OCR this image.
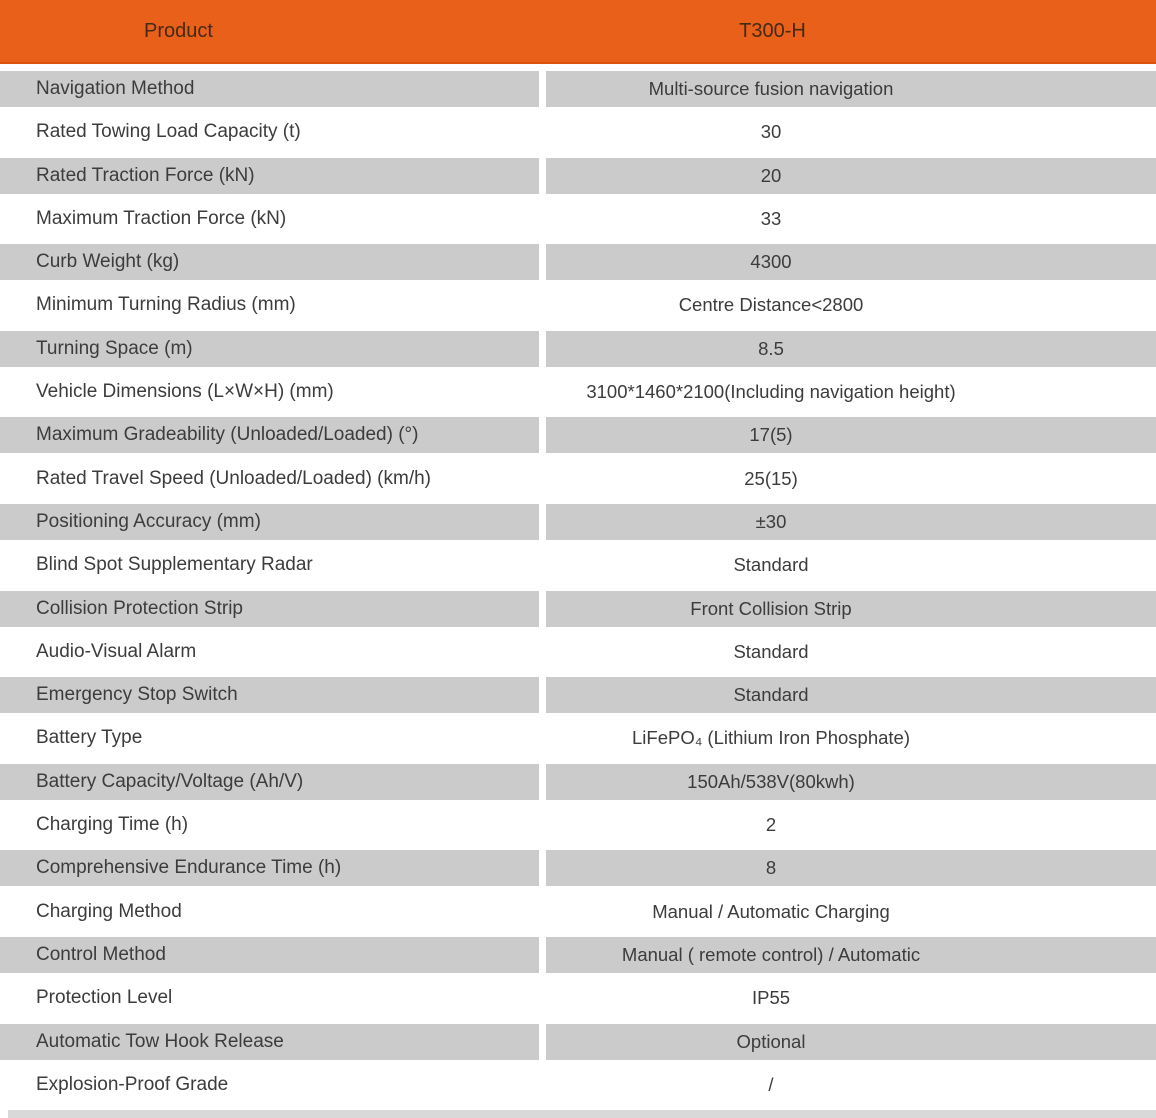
Product	T300-H
Navigation Method	Multi-source fusion navigation
Rated Towing Load Capacity (t)	30
Rated Traction Force (kN)	20
Maximum Traction Force (kN)	33
Curb Weight (kg)	4300
Minimum Turning Radius (mm)	Centre Distance<2800
Turning Space (m)	8.5
Vehicle Dimensions (L×W×H) (mm)	3100*1460*2100(Including navigation height)
Maximum Gradeability (Unloaded/Loaded) (°)	17(5)
Rated Travel Speed (Unloaded/Loaded) (km/h)	25(15)
Positioning Accuracy (mm)	±30
Blind Spot Supplementary Radar	Standard
Collision Protection Strip	Front Collision Strip
Audio-Visual Alarm	Standard
Emergency Stop Switch	Standard
Battery Type	LiFePO₄ (Lithium Iron Phosphate)
Battery Capacity/Voltage (Ah/V)	150Ah/538V(80kwh)
Charging Time (h)	2
Comprehensive Endurance Time (h)	8
Charging Method	Manual / Automatic Charging
Control Method	Manual ( remote control) / Automatic
Protection Level	IP55
Automatic Tow Hook Release	Optional
Explosion-Proof Grade	/
